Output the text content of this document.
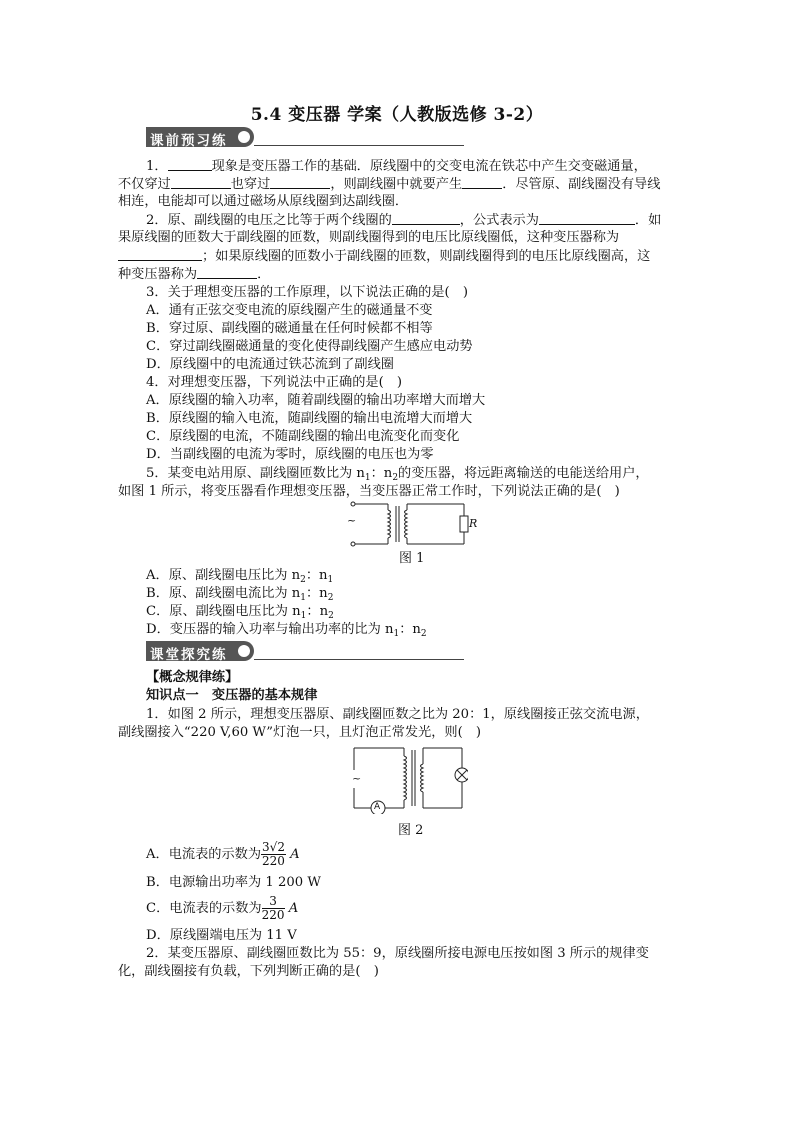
5.4 变压器 学案（人教版选修 3-2）
课前预习练
1．	现象是变压器工作的基础．原线圈中的交变电流在铁芯中产生交变磁通量，
不仅穿过	也穿过	，则副线圈中就要产生	．尽管原、副线圈没有导线
相连，电能却可以通过磁场从原线圈到达副线圈．
2．原、副线圈的电压之比等于两个线圈的	，公式表示为	．如
果原线圈的匝数大于副线圈的匝数，则副线圈得到的电压比原线圈低，这种变压器称为
；如果原线圈的匝数小于副线圈的匝数，则副线圈得到的电压比原线圈高，这
种变压器称为	．
3．关于理想变压器的工作原理，以下说法正确的是(　)
A．通有正弦交变电流的原线圈产生的磁通量不变
B．穿过原、副线圈的磁通量在任何时候都不相等
C．穿过副线圈磁通量的变化使得副线圈产生感应电动势
D．原线圈中的电流通过铁芯流到了副线圈
4．对理想变压器，下列说法中正确的是(　)
A．原线圈的输入功率，随着副线圈的输出功率增大而增大
B．原线圈的输入电流，随副线圈的输出电流增大而增大
C．原线圈的电流，不随副线圈的输出电流变化而变化
D．当副线圈的电流为零时，原线圈的电压也为零
5．某变电站用原、副线圈匝数比为 $n_1$：$n_2$的变压器，将远距离输送的电能送给用户，
如图 1 所示，将变压器看作理想变压器，当变压器正常工作时，下列说法正确的是(　)
~	R
图 1
A．原、副线圈电压比为 $n_2$：$n_1$
B．原、副线圈电流比为 $n_1$：$n_2$
C．原、副线圈电压比为 $n_1$：$n_2$
D．变压器的输入功率与输出功率的比为 $n_1$：$n_2$
课堂探究练
【概念规律练】
知识点一　变压器的基本规律
1．如图 2 所示，理想变压器原、副线圈匝数之比为 20：1，原线圈接正弦交流电源，
副线圈接入“220 V,60 W”灯泡一只，且灯泡正常发光，则(　)
~
A
图 2
A．电流表的示数为 $\frac{3√2}{220}$ A
B．电源输出功率为 1 200 W
C．电流表的示数为 $\frac{3}{220}$ A
D．原线圈端电压为 11 V
2．某变压器原、副线圈匝数比为 55：9，原线圈所接电源电压按如图 3 所示的规律变
化，副线圈接有负载，下列判断正确的是(　)
